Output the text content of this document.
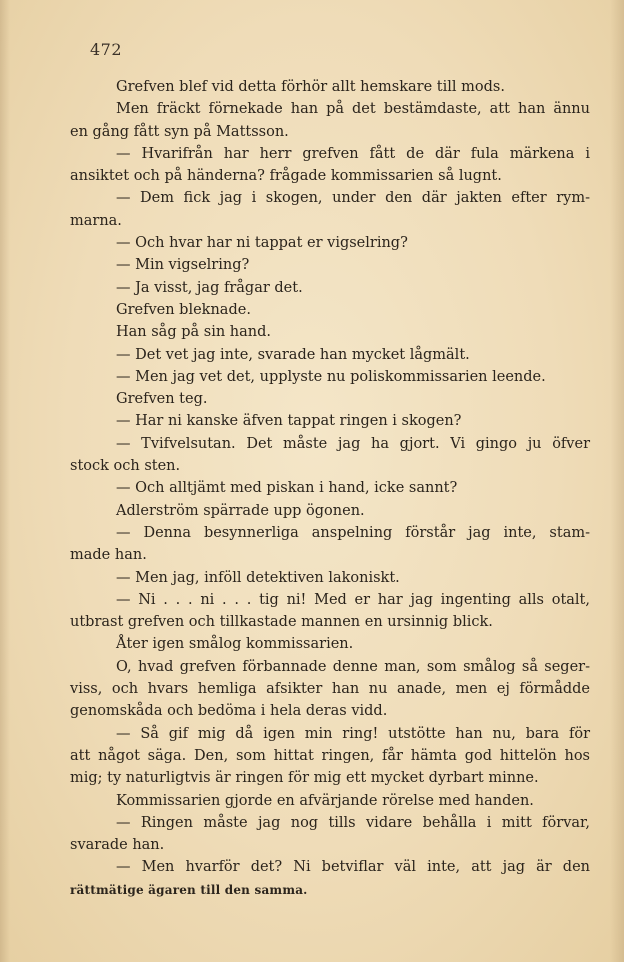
472
Grefven blef vid detta förhör allt hemskare till mods.
Men fräckt förnekade han på det bestämdaste, att han ännu
en gång fått syn på Mattsson.
— Hvarifrån har herr grefven fått de där fula märkena i
ansiktet och på händerna? frågade kommissarien så lugnt.
— Dem fick jag i skogen, under den där jakten efter rym-
marna.
— Och hvar har ni tappat er vigselring?
— Min vigselring?
— Ja visst, jag frågar det.
Grefven bleknade.
Han såg på sin hand.
— Det vet jag inte, svarade han mycket lågmält.
— Men jag vet det, upplyste nu poliskommissarien leende.
Grefven teg.
— Har ni kanske äfven tappat ringen i skogen?
— Tvifvelsutan. Det måste jag ha gjort. Vi gingo ju öfver
stock och sten.
— Och alltjämt med piskan i hand, icke sannt?
Adlerström spärrade upp ögonen.
— Denna besynnerliga anspelning förstår jag inte, stam-
made han.
— Men jag, inföll detektiven lakoniskt.
— Ni . . . ni . . . tig ni! Med er har jag ingenting alls otalt,
utbrast grefven och tillkastade mannen en ursinnig blick.
Åter igen smålog kommissarien.
O, hvad grefven förbannade denne man, som smålog så seger-
viss, och hvars hemliga afsikter han nu anade, men ej förmådde
genomskåda och bedöma i hela deras vidd.
— Så gif mig då igen min ring! utstötte han nu, bara för
att något säga. Den, som hittat ringen, får hämta god hittelön hos
mig; ty naturligtvis är ringen för mig ett mycket dyrbart minne.
Kommissarien gjorde en afvärjande rörelse med handen.
— Ringen måste jag nog tills vidare behålla i mitt förvar,
svarade han.
— Men hvarför det? Ni betviflar väl inte, att jag är den
rättmätige ägaren till den samma.
